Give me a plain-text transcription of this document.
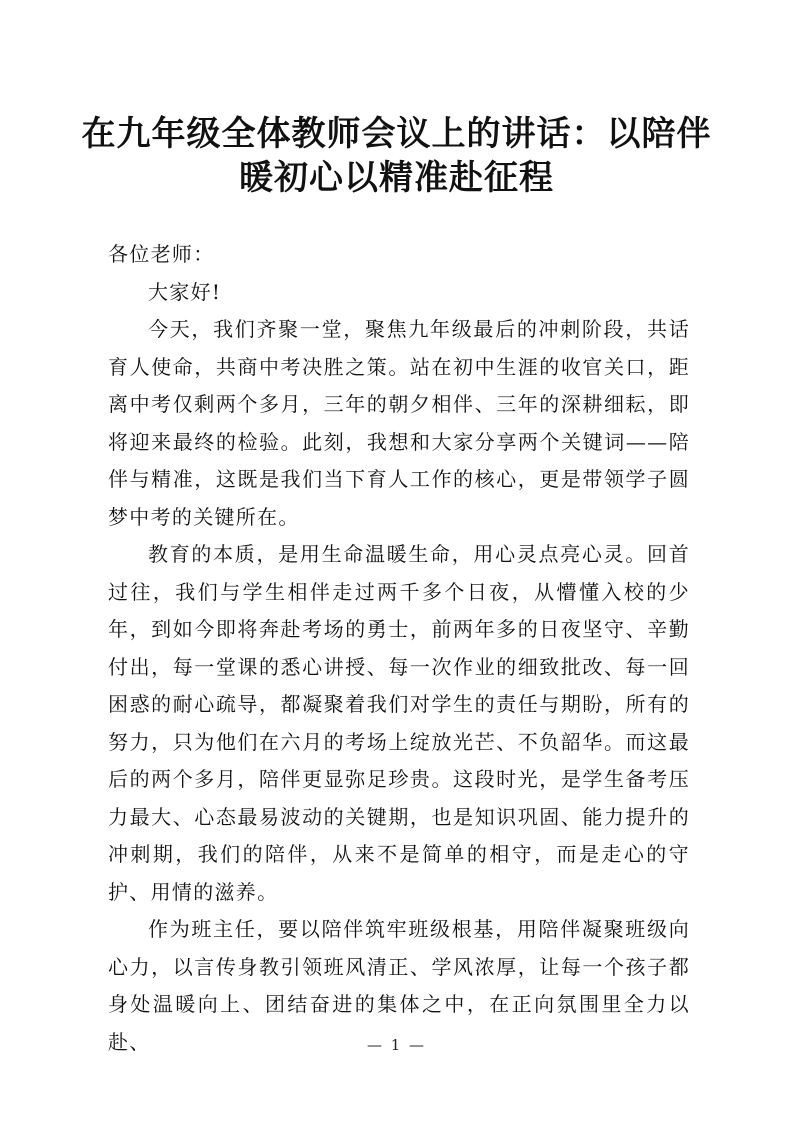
在九年级全体教师会议上的讲话：以陪伴
暖初心以精准赴征程

各位老师：

大家好!

今天，我们齐聚一堂，聚焦九年级最后的冲刺阶段，共话育人使命，共商中考决胜之策。站在初中生涯的收官关口，距离中考仅剩两个多月，三年的朝夕相伴、三年的深耕细耘，即将迎来最终的检验。此刻，我想和大家分享两个关键词——陪伴与精准，这既是我们当下育人工作的核心，更是带领学子圆梦中考的关键所在。

教育的本质，是用生命温暖生命，用心灵点亮心灵。回首过往，我们与学生相伴走过两千多个日夜，从懵懂入校的少年，到如今即将奔赴考场的勇士，前两年多的日夜坚守、辛勤付出，每一堂课的悉心讲授、每一次作业的细致批改、每一回困惑的耐心疏导，都凝聚着我们对学生的责任与期盼，所有的努力，只为他们在六月的考场上绽放光芒、不负韶华。而这最后的两个多月，陪伴更显弥足珍贵。这段时光，是学生备考压力最大、心态最易波动的关键期，也是知识巩固、能力提升的冲刺期，我们的陪伴，从来不是简单的相守，而是走心的守护、用情的滋养。

作为班主任，要以陪伴筑牢班级根基，用陪伴凝聚班级向心力，以言传身教引领班风清正、学风浓厚，让每一个孩子都身处温暖向上、团结奋进的集体之中，在正向氛围里全力以赴、	— 1 —
